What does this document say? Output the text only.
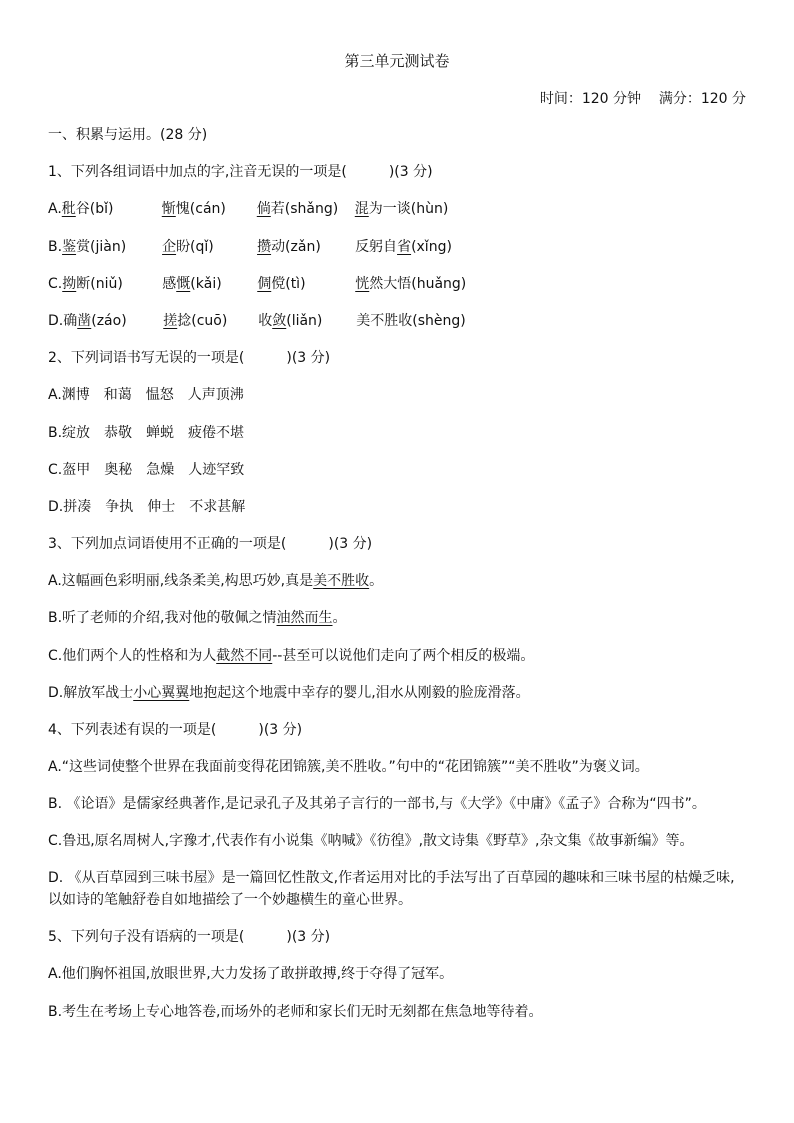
第三单元测试卷
时间：120 分钟 满分：120 分
一、积累与运用。(28 分)
1、下列各组词语中加点的字,注音无误的一项是(　　　)(3 分)
A. 秕谷(bǐ)	惭愧(cán)	倘若(shǎng)	混为一谈(hùn)
B. 鉴赏(jiàn)	企盼(qǐ)	攒动(zǎn)	反躬自省(xǐng)
C. 拗断(niǔ)	感慨(kǎi)	倜傥(tì)	恍然大悟(huǎng)
D. 确凿(záo)	搓捻(cuō)	收敛(liǎn)	美不胜收(shèng)
2、下列词语书写无误的一项是(　　　)(3 分)
A.渊博　和蔼　愠怒　人声顶沸
B.绽放　恭敬　蝉蜕　疲倦不堪
C.盔甲　奥秘　急燥　人迹罕致
D.拼凑　争执　伸士　不求甚解
3、下列加点词语使用不正确的一项是(　　　)(3 分)
A.这幅画色彩明丽,线条柔美,构思巧妙,真是美不胜收。
B.听了老师的介绍,我对他的敬佩之情油然而生。
C.他们两个人的性格和为人截然不同--甚至可以说他们走向了两个相反的极端。
D.解放军战士小心翼翼地抱起这个地震中幸存的婴儿,泪水从刚毅的脸庞滑落。
4、下列表述有误的一项是(　　　)(3 分)
A.“这些词使整个世界在我面前变得花团锦簇,美不胜收。”句中的“花团锦簇”“美不胜收”为褒义词。
B. 《论语》是儒家经典著作,是记录孔子及其弟子言行的一部书,与《大学》《中庸》《孟子》合称为“四书”。
C.鲁迅,原名周树人,字豫才,代表作有小说集《呐喊》《彷徨》,散文诗集《野草》,杂文集《故事新编》等。
D. 《从百草园到三味书屋》是一篇回忆性散文,作者运用对比的手法写出了百草园的趣味和三味书屋的枯燥乏味,以如诗的笔触舒卷自如地描绘了一个妙趣横生的童心世界。
5、下列句子没有语病的一项是(　　　)(3 分)
A.他们胸怀祖国,放眼世界,大力发扬了敢拼敢搏,终于夺得了冠军。
B.考生在考场上专心地答卷,而场外的老师和家长们无时无刻都在焦急地等待着。
